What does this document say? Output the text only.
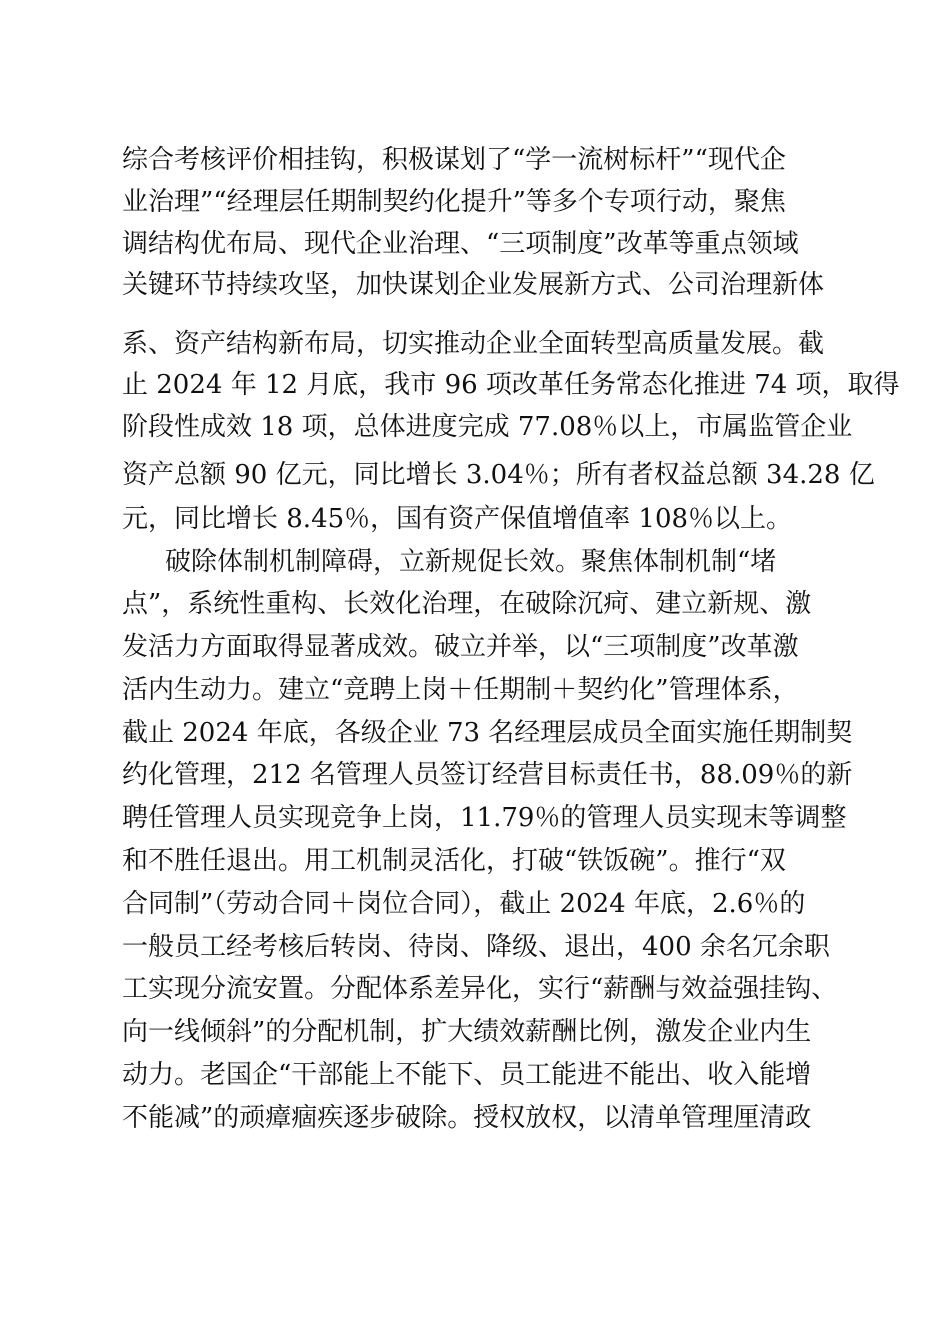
综合考核评价相挂钩，积极谋划了“学一流树标杆”“现代企
业治理”“经理层任期制契约化提升”等多个专项行动，聚焦
调结构优布局、现代企业治理、“三项制度”改革等重点领域
关键环节持续攻坚，加快谋划企业发展新方式、公司治理新体
系、资产结构新布局，切实推动企业全面转型高质量发展。截
止 2024 年 12 月底，我市 96 项改革任务常态化推进 74 项，取得
阶段性成效 18 项，总体进度完成 77.08％以上，市属监管企业
资产总额 90 亿元，同比增长 3.04％；所有者权益总额 34.28 亿
元，同比增长 8.45％，国有资产保值增值率 108％以上。
破除体制机制障碍，立新规促长效。聚焦体制机制“堵
点”，系统性重构、长效化治理，在破除沉疴、建立新规、激
发活力方面取得显著成效。破立并举，以“三项制度”改革激
活内生动力。建立“竞聘上岗＋任期制＋契约化”管理体系，
截止 2024 年底，各级企业 73 名经理层成员全面实施任期制契
约化管理，212 名管理人员签订经营目标责任书，88.09％的新
聘任管理人员实现竞争上岗，11.79％的管理人员实现末等调整
和不胜任退出。用工机制灵活化，打破“铁饭碗”。推行“双
合同制”（劳动合同＋岗位合同），截止 2024 年底，2.6％的
一般员工经考核后转岗、待岗、降级、退出，400 余名冗余职
工实现分流安置。分配体系差异化，实行“薪酬与效益强挂钩、
向一线倾斜”的分配机制，扩大绩效薪酬比例，激发企业内生
动力。老国企“干部能上不能下、员工能进不能出、收入能增
不能减”的顽瘴痼疾逐步破除。授权放权，以清单管理厘清政
